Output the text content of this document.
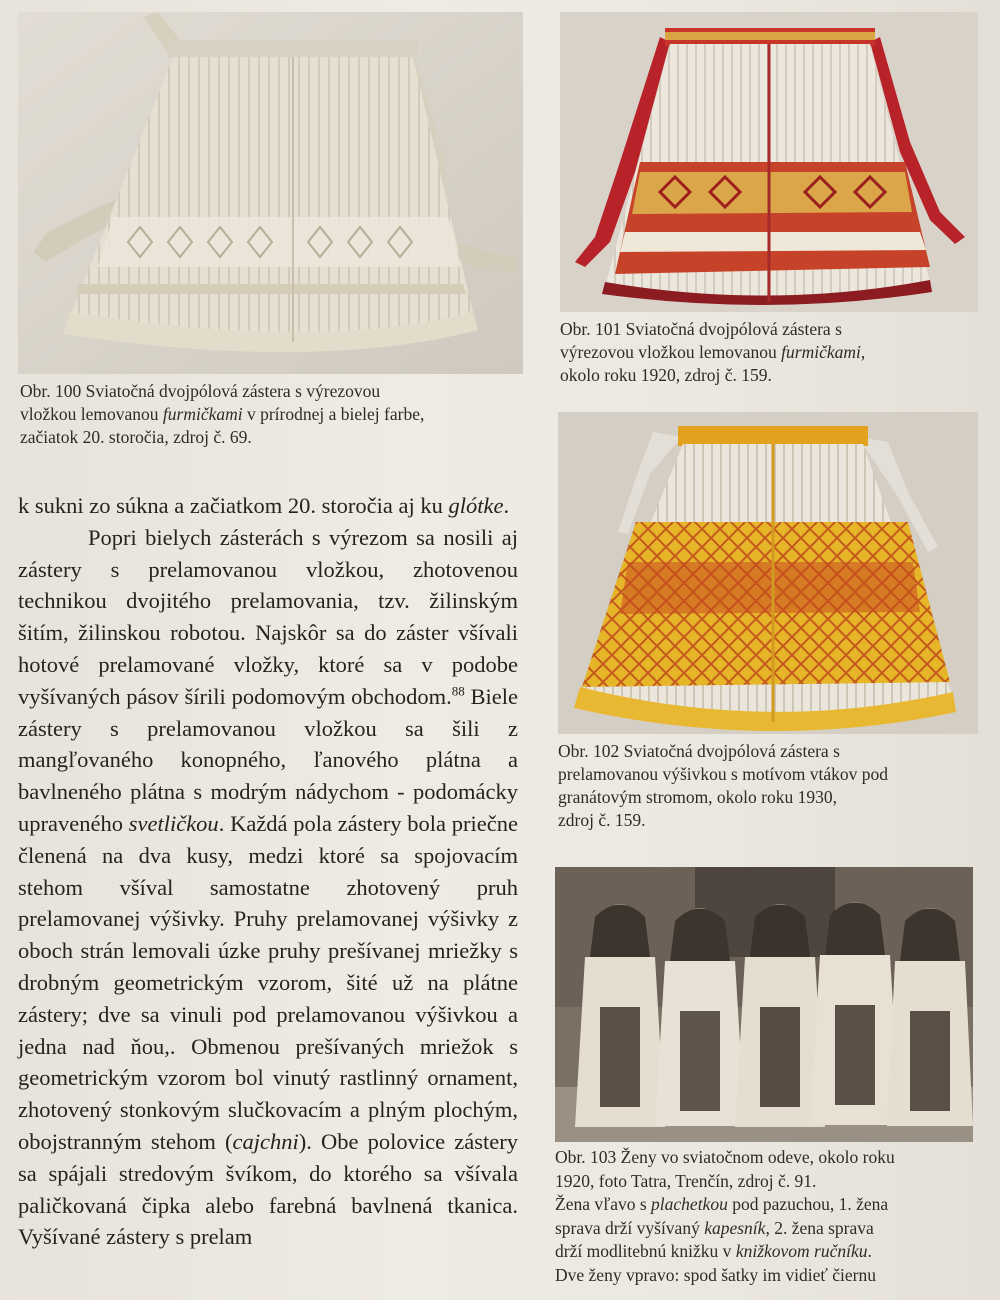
Obr. 100 Sviatočná dvojpólová zástera s výrezovou

vložkou lemovanou furmičkami v prírodnej a bielej farbe,

začiatok 20. storočia, zdroj č. 69.

Obr. 101 Sviatočná dvojpólová zástera s

výrezovou vložkou lemovanou furmičkami,

okolo roku 1920, zdroj č. 159.

Obr. 102 Sviatočná dvojpólová zástera s

prelamovanou výšivkou s motívom vtákov pod

granátovým stromom, okolo roku 1930,

zdroj č. 159.

Obr. 103 Ženy vo sviatočnom odeve, okolo roku

1920, foto Tatra, Trenčín, zdroj č. 91.

Žena vľavo s plachetkou pod pazuchou, 1. žena

sprava drží vyšívaný kapesník, 2. žena sprava

drží modlitebnú knižku v knižkovom ručníku.

Dve ženy vpravo: spod šatky im vidieť čiernu

k sukni zo súkna a začiatkom 20. storočia aj ku glótke.

Popri bielych zásterách s výrezom sa nosili aj zástery s prelamovanou vložkou, zhotovenou technikou dvojitého prelamovania, tzv. žilinským šitím, žilinskou robotou. Najskôr sa do záster všívali hotové prelamované vložky, ktoré sa v podobe vyšívaných pásov šírili podomovým obchodom.$^{88}$ Biele zástery s prelamovanou vložkou sa šili z mangľovaného konopného, ľanového plátna a bavlneného plátna s modrým nádychom - podomácky upraveného svetličkou. Každá pola zástery bola priečne členená na dva kusy, medzi ktoré sa spojovacím stehom všíval samostatne zhotovený pruh prelamovanej výšivky. Pruhy prelamovanej výšivky z oboch strán lemovali úzke pruhy prešívanej mriežky s drobným geometrickým vzorom, šité už na plátne zástery; dve sa vinuli pod prelamovanou výšivkou a jedna nad ňou,. Obmenou prešívaných mriežok s geometrickým vzorom bol vinutý rastlinný ornament, zhotovený stonkovým slučkovacím a plným plochým, obojstranným stehom (cajchni). Obe polovice zástery sa spájali stredovým švíkom, do ktorého sa všívala paličkovaná čipka alebo farebná bavlnená tkanica. Vyšívané zástery s prelam
